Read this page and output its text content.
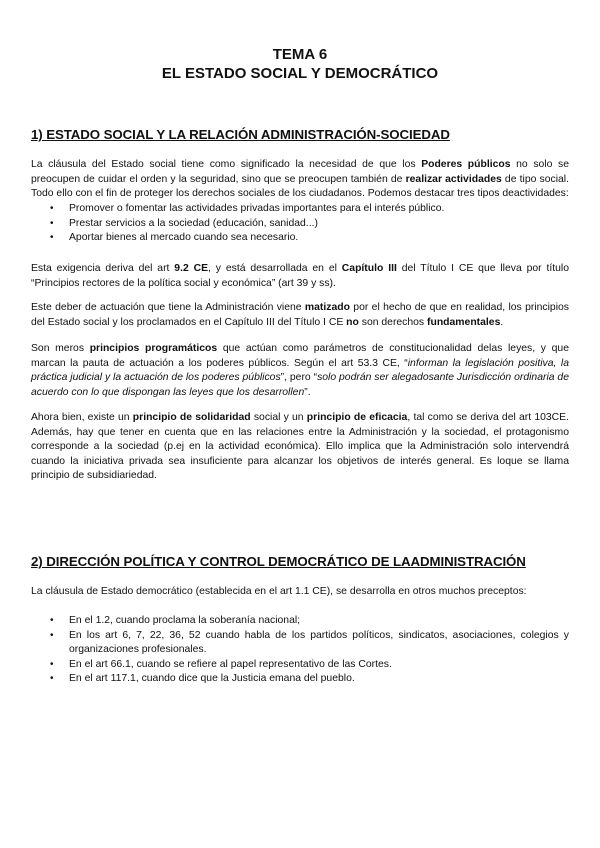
TEMA 6
EL ESTADO SOCIAL Y DEMOCRÁTICO
1) ESTADO SOCIAL Y LA RELACIÓN ADMINISTRACIÓN-SOCIEDAD

La cláusula del Estado social tiene como significado la necesidad de que los Poderes públicos no solo se preocupen de cuidar el orden y la seguridad, sino que se preocupen también de realizar actividades de tipo social. Todo ello con el fin de proteger los derechos sociales de los ciudadanos. Podemos destacar tres tipos deactividades:

• Promover o fomentar las actividades privadas importantes para el interés público.
• Prestar servicios a la sociedad (educación, sanidad...)
• Aportar bienes al mercado cuando sea necesario.

Esta exigencia deriva del art 9.2 CE, y está desarrollada en el Capítulo III del Título I CE que lleva por título “Principios rectores de la política social y económica” (art 39 y ss).

Este deber de actuación que tiene la Administración viene matizado por el hecho de que en realidad, los principios del Estado social y los proclamados en el Capítulo III del Título I CE no son derechos fundamentales.

Son meros principios programáticos que actúan como parámetros de constitucionalidad delas leyes, y que marcan la pauta de actuación a los poderes públicos. Según el art 53.3 CE, “informan la legislación positiva, la práctica judicial y la actuación de los poderes públicos”, pero “solo podrán ser alegadosante Jurisdicción ordinaria de acuerdo con lo que dispongan las leyes que los desarrollen”.

Ahora bien, existe un principio de solidaridad social y un principio de eficacia, tal como se deriva del art 103CE. Además, hay que tener en cuenta que en las relaciones entre la Administración y la sociedad, el protagonismo corresponde a la sociedad (p.ej en la actividad económica). Ello implica que la Administración solo intervendrá cuando la iniciativa privada sea insuficiente para alcanzar los objetivos de interés general. Es loque se llama principio de subsidiariedad.

2) DIRECCIÓN POLÍTICA Y CONTROL DEMOCRÁTICO DE LAADMINISTRACIÓN

La cláusula de Estado democrático (establecida en el art 1.1 CE), se desarrolla en otros muchos preceptos:

• En el 1.2, cuando proclama la soberanía nacional;
• En los art 6, 7, 22, 36, 52 cuando habla de los partidos políticos, sindicatos, asociaciones, colegios y organizaciones profesionales.
• En el art 66.1, cuando se refiere al papel representativo de las Cortes.
• En el art 117.1, cuando dice que la Justicia emana del pueblo.
